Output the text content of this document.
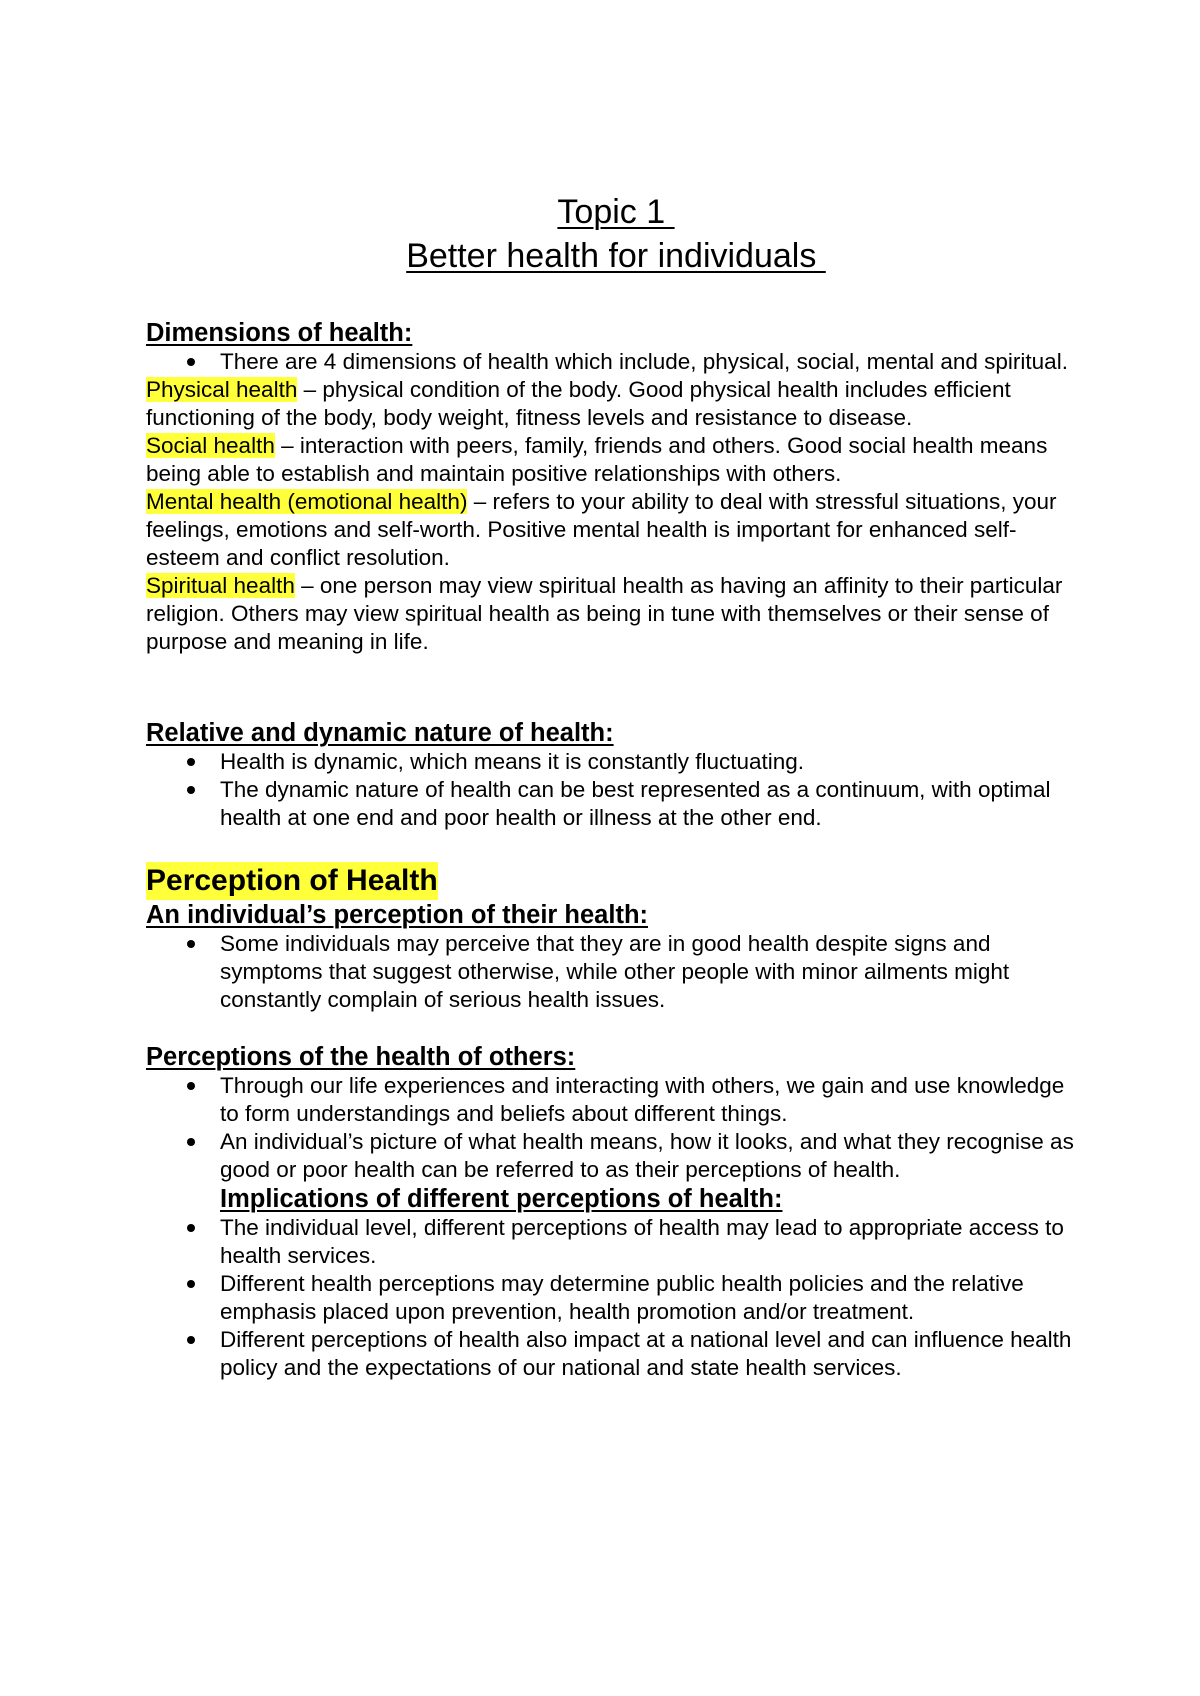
Topic 1
Better health for individuals
Dimensions of health:
There are 4 dimensions of health which include, physical, social, mental and spiritual.

Physical health – physical condition of the body. Good physical health includes efficient functioning of the body, body weight, fitness levels and resistance to disease.

Social health – interaction with peers, family, friends and others. Good social health means being able to establish and maintain positive relationships with others.

Mental health (emotional health) – refers to your ability to deal with stressful situations, your feelings, emotions and self-worth. Positive mental health is important for enhanced self-esteem and conflict resolution.

Spiritual health – one person may view spiritual health as having an affinity to their particular religion. Others may view spiritual health as being in tune with themselves or their sense of purpose and meaning in life.

Relative and dynamic nature of health:
Health is dynamic, which means it is constantly fluctuating.
The dynamic nature of health can be best represented as a continuum, with optimal health at one end and poor health or illness at the other end.
Perception of Health
An individual’s perception of their health:
Some individuals may perceive that they are in good health despite signs and symptoms that suggest otherwise, while other people with minor ailments might constantly complain of serious health issues.
Perceptions of the health of others:
Through our life experiences and interacting with others, we gain and use knowledge to form understandings and beliefs about different things.
An individual’s picture of what health means, how it looks, and what they recognise as good or poor health can be referred to as their perceptions of health.
Implications of different perceptions of health:
The individual level, different perceptions of health may lead to appropriate access to health services.
Different health perceptions may determine public health policies and the relative emphasis placed upon prevention, health promotion and/or treatment.
Different perceptions of health also impact at a national level and can influence health policy and the expectations of our national and state health services.
